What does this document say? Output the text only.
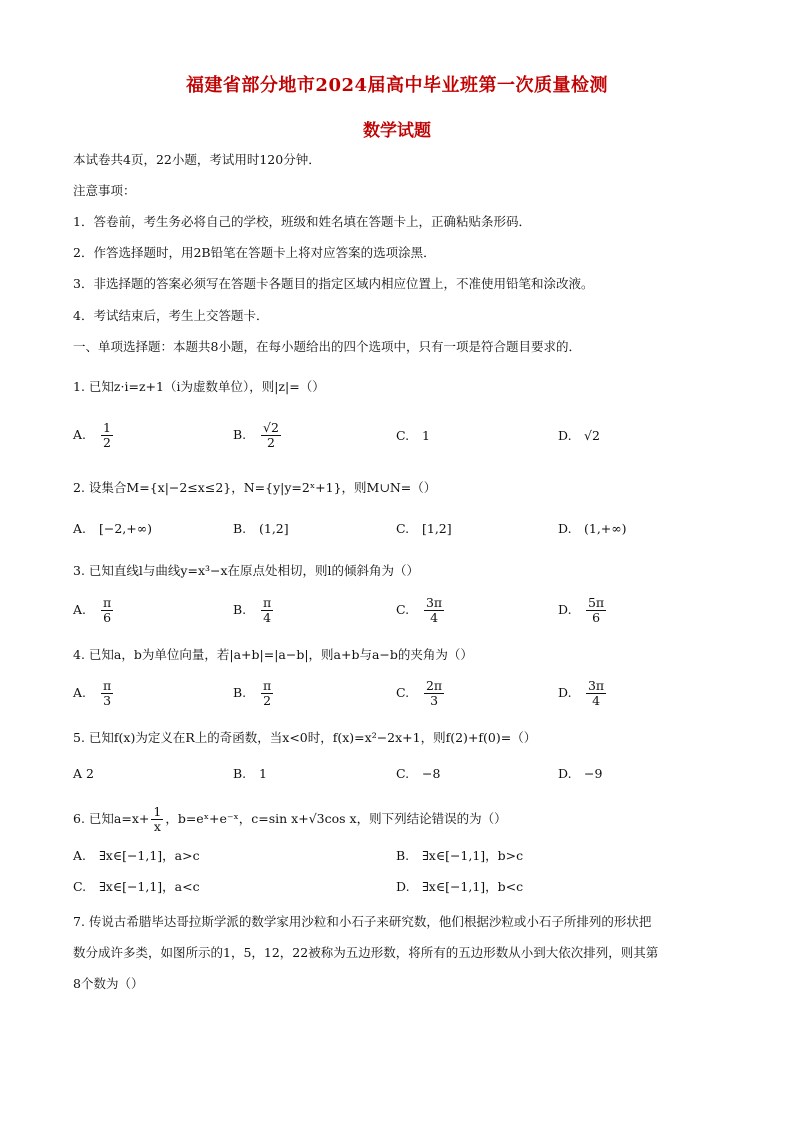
福建省部分地市2024届高中毕业班第一次质量检测
数学试题
本试卷共4页，22小题，考试用时120分钟．
注意事项：
1．答卷前，考生务必将自己的学校，班级和姓名填在答题卡上，正确粘贴条形码．
2．作答选择题时，用2B铅笔在答题卡上将对应答案的选项涂黑．
3．非选择题的答案必须写在答题卡各题目的指定区域内相应位置上，不准使用铅笔和涂改液。
4．考试结束后，考生上交答题卡．
一、单项选择题：本题共8小题，在每小题给出的四个选项中，只有一项是符合题目要求的．
1. 已知z·i=z+1（i为虚数单位），则|z|=（）
A. $\frac{1}{2}$	B. $\frac{√2}{2}$	C. 1	D. √2
2. 设集合M={x|−2≤x≤2}，N={y|y=2ˣ+1}，则M∪N=（）
A. [−2,+∞)	B. (1,2]	C. [1,2]	D. (1,+∞)
3. 已知直线l与曲线y=x³−x在原点处相切，则l的倾斜角为（）
A. $\frac{\pi}{6}$	B. $\frac{\pi}{4}$	C. $\frac{3\pi}{4}$	D. $\frac{5\pi}{6}$
4. 已知a，b为单位向量，若|a+b|=|a−b|，则a+b与a−b的夹角为（）
A. $\frac{\pi}{3}$	B. $\frac{\pi}{2}$	C. $\frac{2\pi}{3}$	D. $\frac{3\pi}{4}$
5. 已知f(x)为定义在R上的奇函数，当x<0时，f(x)=x²−2x+1，则f(2)+f(0)=（）
A 2	B. 1	C. −8	D. −9
6. 已知$a=x+ \frac{1}{x}$ ，b=eˣ+e⁻ˣ，c=sin x+√3cos x，则下列结论错误的为（）
A. ∃x∈[−1,1]，a>c	B. ∃x∈[−1,1]，b>c
C. ∃x∈[−1,1]，a<c	D. ∃x∈[−1,1]，b<c
7. 传说古希腊毕达哥拉斯学派的数学家用沙粒和小石子来研究数，他们根据沙粒或小石子所排列的形状把
数分成许多类，如图所示的1，5，12，22被称为五边形数，将所有的五边形数从小到大依次排列，则其第
8个数为（）
